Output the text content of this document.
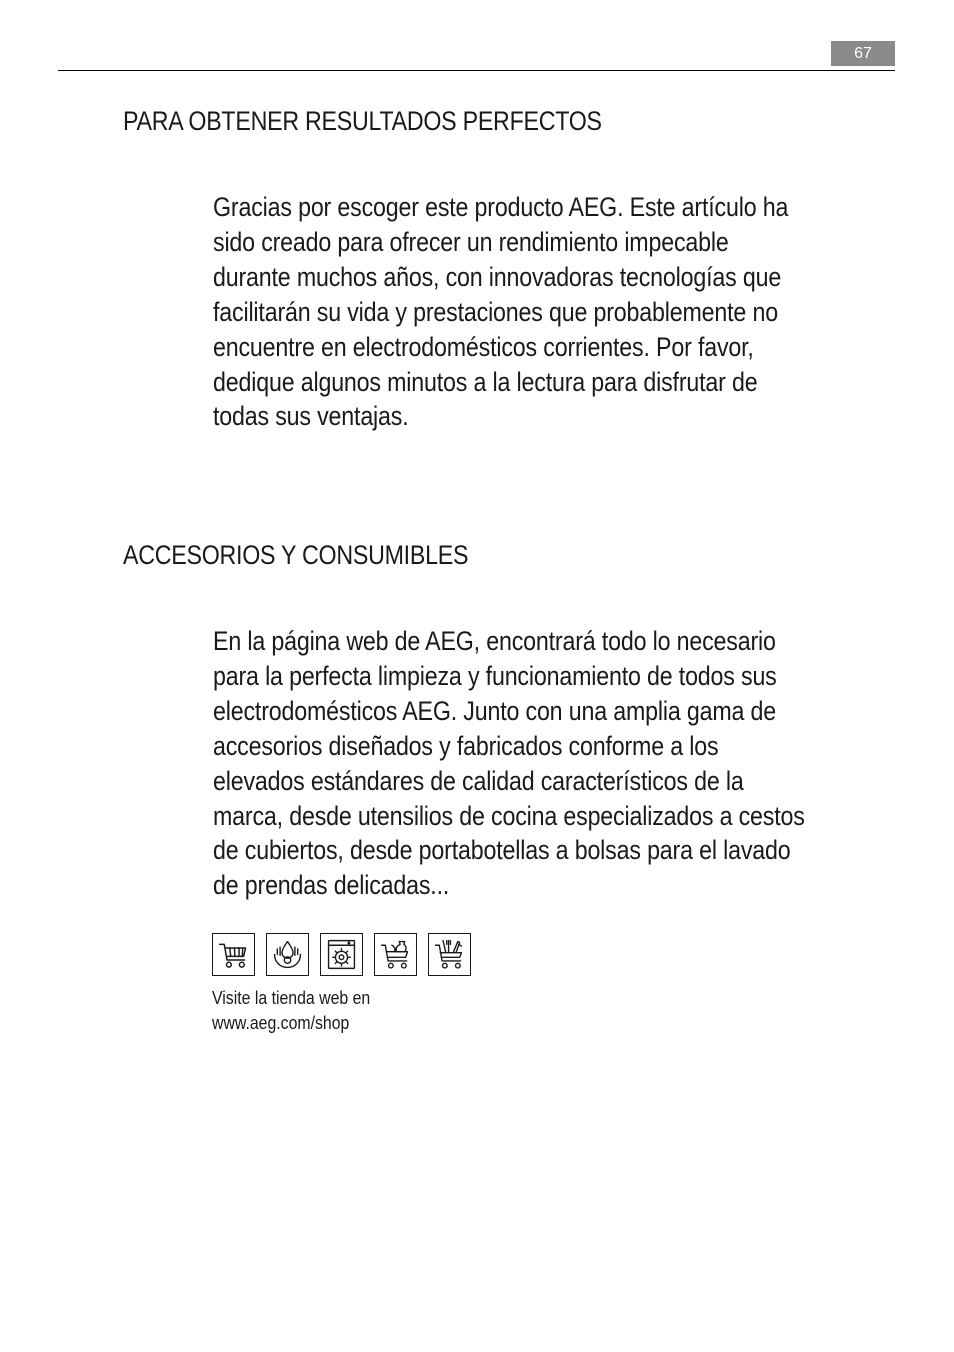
67
PARA OBTENER RESULTADOS PERFECTOS

Gracias por escoger este producto AEG. Este artículo ha
sido creado para ofrecer un rendimiento impecable
durante muchos años, con innovadoras tecnologías que
facilitarán su vida y prestaciones que probablemente no
encuentre en electrodomésticos corrientes. Por favor,
dedique algunos minutos a la lectura para disfrutar de
todas sus ventajas.

ACCESORIOS Y CONSUMIBLES

En la página web de AEG, encontrará todo lo necesario
para la perfecta limpieza y funcionamiento de todos sus
electrodomésticos AEG. Junto con una amplia gama de
accesorios diseñados y fabricados conforme a los
elevados estándares de calidad característicos de la
marca, desde utensilios de cocina especializados a cestos
de cubiertos, desde portabotellas a bolsas para el lavado
de prendas delicadas...

Visite la tienda web en
www.aeg.com/shop
